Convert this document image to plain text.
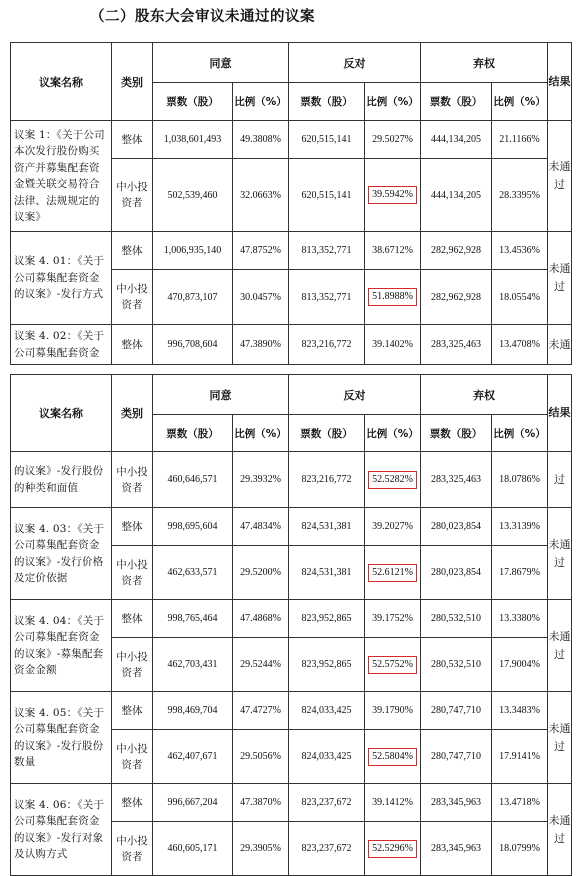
（二）股东大会审议未通过的议案
议案名称	类别	同意		反对		弃权		结果
		票数（股）	比例（%）	票数（股）	比例（%）	票数（股）	比例（%）	
议案 1：《关于公司本次发行股份购买资产并募集配套资金暨关联交易符合法律、法规规定的议案》	整体	1,038,601,493	49.3808%	620,515,141	29.5027%	444,134,205	21.1166%	未通过
	中小投资者	502,539,460	32.0663%	620,515,141	39.5942%	444,134,205	28.3395%	
议案 4. 01：《关于公司募集配套资金的议案》-发行方式	整体	1,006,935,140	47.8752%	813,352,771	38.6712%	282,962,928	13.4536%	未通过
	中小投资者	470,873,107	30.0457%	813,352,771	51.8988%	282,962,928	18.0554%	
议案 4. 02：《关于公司募集配套资金	整体	996,708,604	47.3890%	823,216,772	39.1402%	283,325,463	13.4708%	未通
议案名称	类别	同意		反对		弃权		结果
		票数（股）	比例（%）	票数（股）	比例（%）	票数（股）	比例（%）	
的议案》-发行股份的种类和面值	中小投资者	460,646,571	29.3932%	823,216,772	52.5282%	283,325,463	18.0786%	过
议案 4. 03：《关于公司募集配套资金的议案》-发行价格及定价依据	整体	998,695,604	47.4834%	824,531,381	39.2027%	280,023,854	13.3139%	未通过
	中小投资者	462,633,571	29.5200%	824,531,381	52.6121%	280,023,854	17.8679%	
议案 4. 04：《关于公司募集配套资金的议案》-募集配套资金金额	整体	998,765,464	47.4868%	823,952,865	39.1752%	280,532,510	13.3380%	未通过
	中小投资者	462,703,431	29.5244%	823,952,865	52.5752%	280,532,510	17.9004%	
议案 4. 05：《关于公司募集配套资金的议案》-发行股份数量	整体	998,469,704	47.4727%	824,033,425	39.1790%	280,747,710	13.3483%	未通过
	中小投资者	462,407,671	29.5056%	824,033,425	52.5804%	280,747,710	17.9141%	
议案 4. 06：《关于公司募集配套资金的议案》-发行对象及认购方式	整体	996,667,204	47.3870%	823,237,672	39.1412%	283,345,963	13.4718%	未通过
	中小投资者	460,605,171	29.3905%	823,237,672	52.5296%	283,345,963	18.0799%	
